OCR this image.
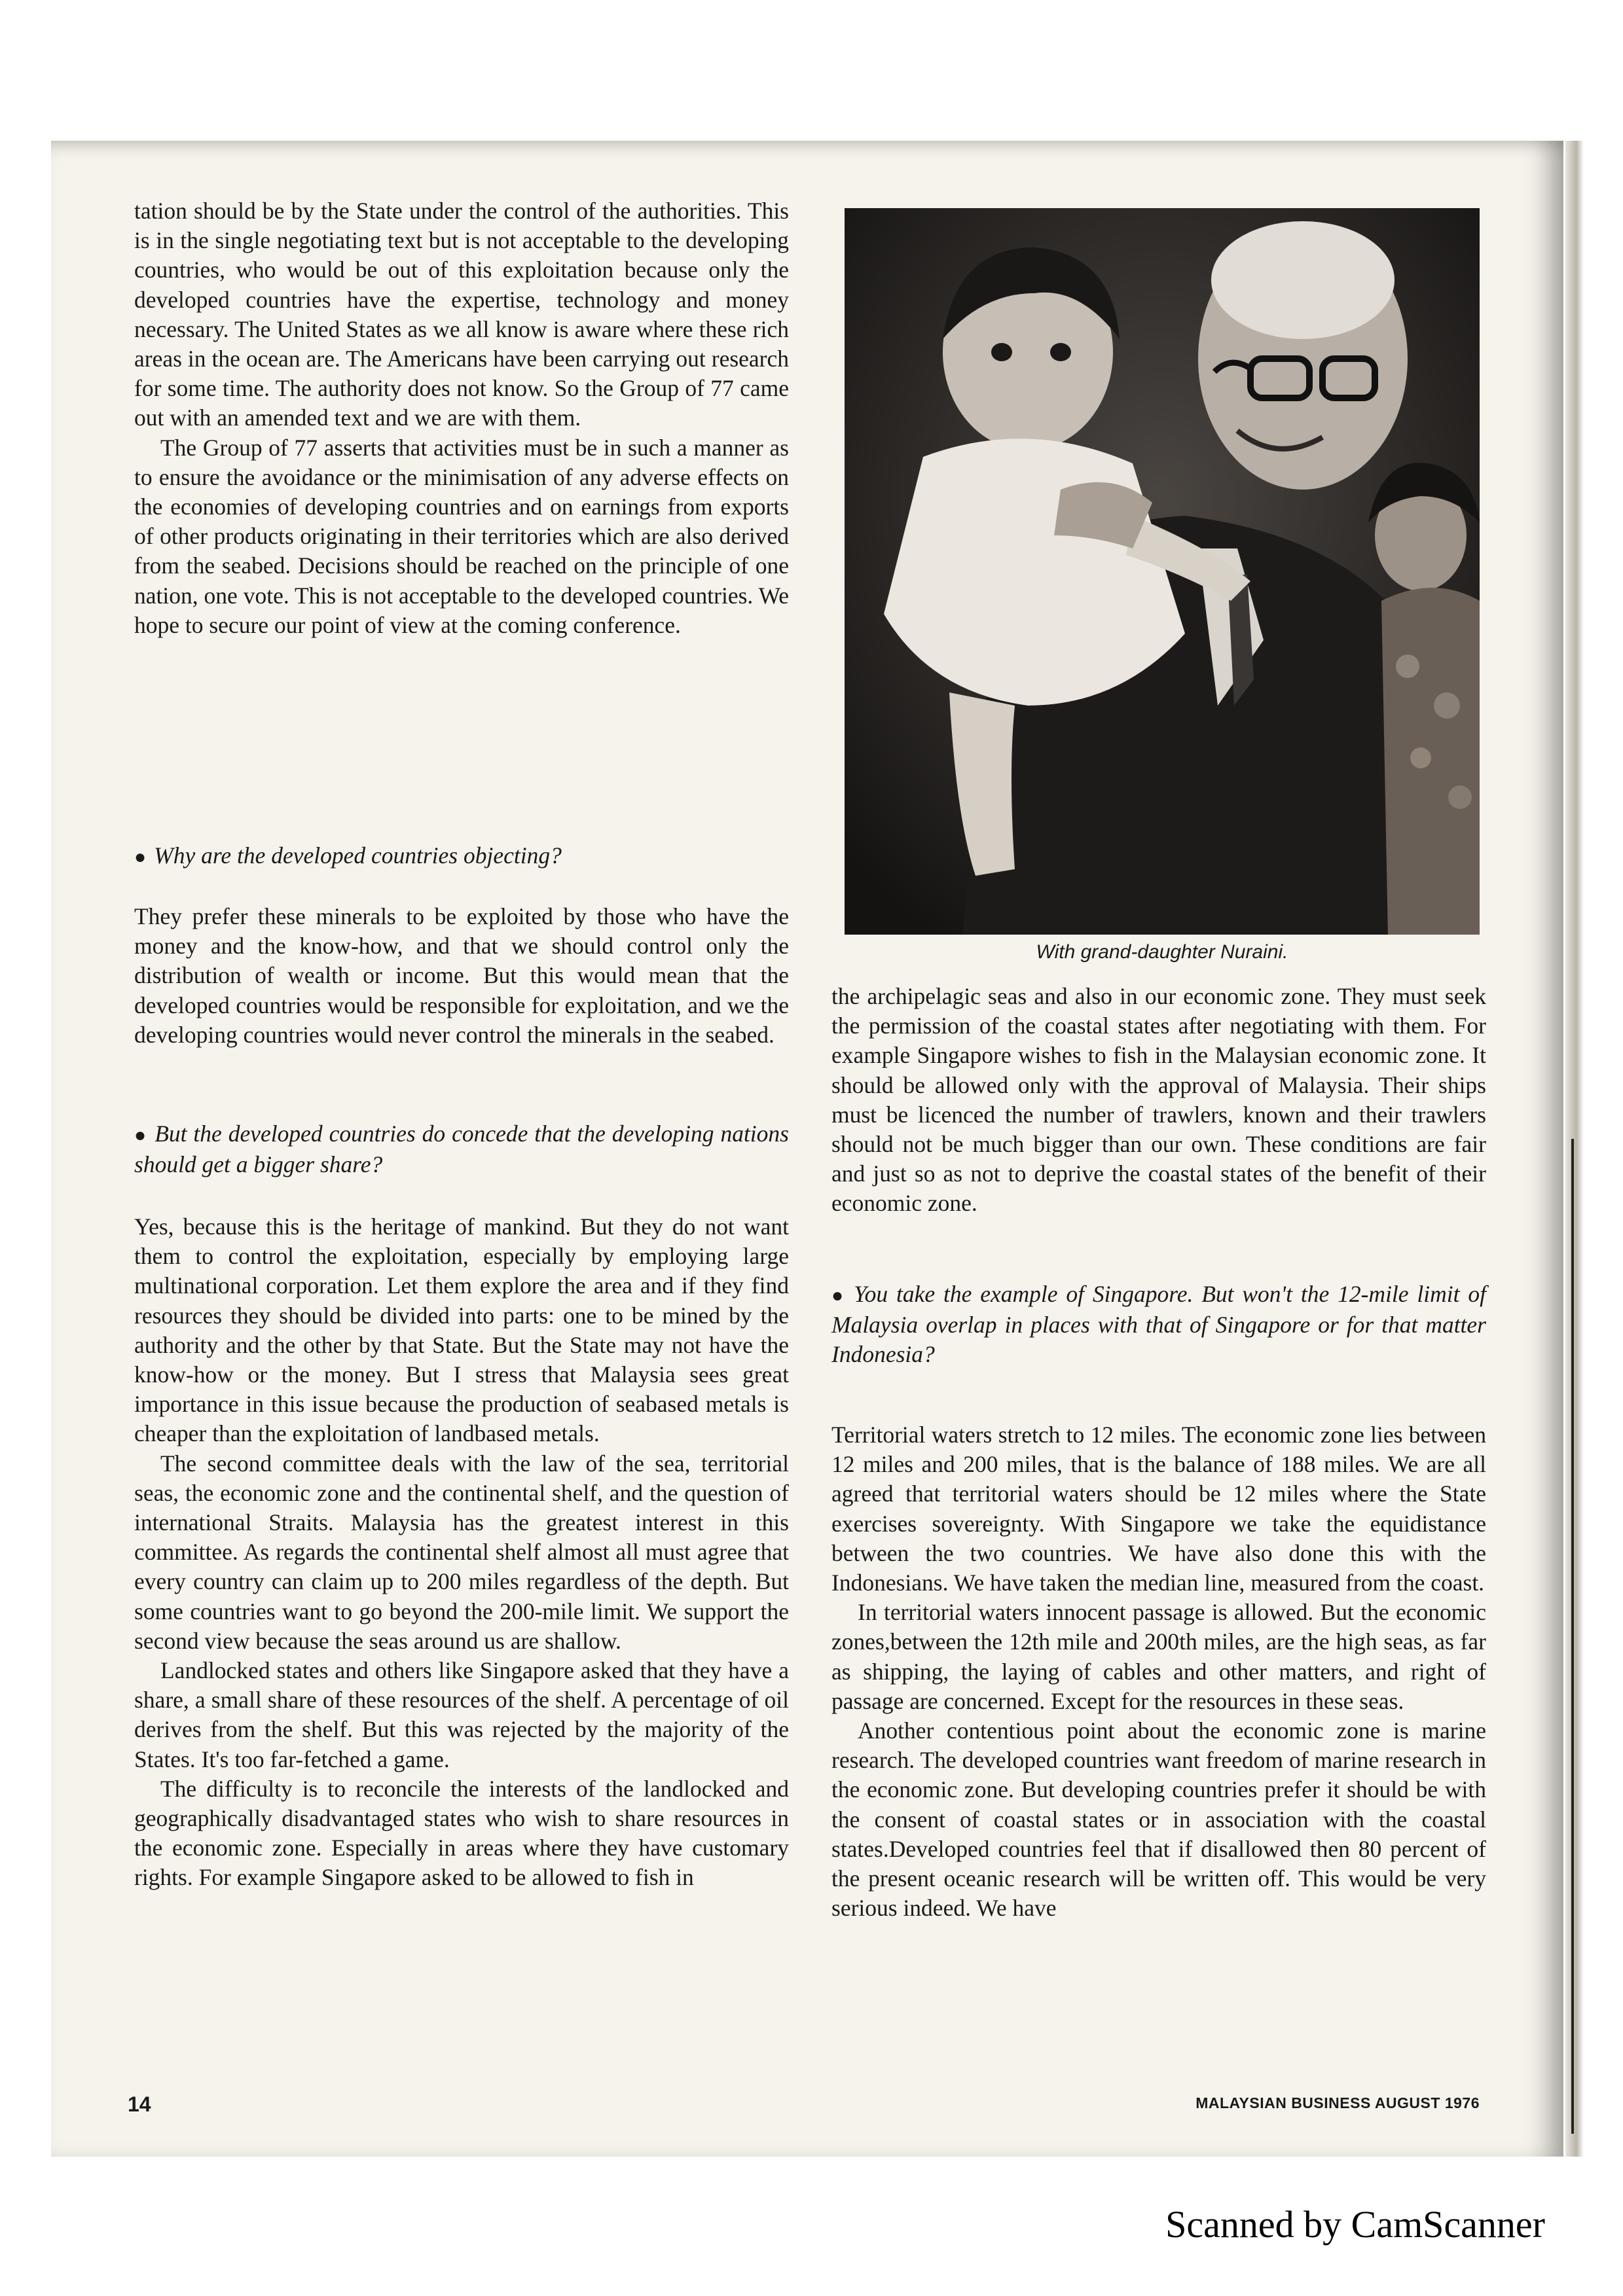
tation should be by the State under the control of the authorities. This is in the single negotiating text but is not acceptable to the developing countries, who would be out of this exploitation because only the developed countries have the expertise, technology and money necessary. The United States as we all know is aware where these rich areas in the ocean are. The Americans have been carrying out research for some time. The authority does not know. So the Group of 77 came out with an amended text and we are with them.

The Group of 77 asserts that activities must be in such a manner as to ensure the avoidance or the minimisation of any adverse effects on the economies of developing countries and on earnings from exports of other products originating in their territories which are also derived from the seabed. Decisions should be reached on the principle of one nation, one vote. This is not acceptable to the developed countries. We hope to secure our point of view at the coming conference.

● Why are the developed countries objecting?

They prefer these minerals to be exploited by those who have the money and the know-how, and that we should control only the distribution of wealth or income. But this would mean that the developed countries would be responsible for exploitation, and we the developing countries would never control the minerals in the seabed.

● But the developed countries do concede that the developing nations should get a bigger share?

Yes, because this is the heritage of mankind. But they do not want them to control the exploitation, especially by employing large multinational corporation. Let them explore the area and if they find resources they should be divided into parts: one to be mined by the authority and the other by that State. But the State may not have the know-how or the money. But I stress that Malaysia sees great importance in this issue because the production of seabased metals is cheaper than the exploitation of landbased metals.

The second committee deals with the law of the sea, territorial seas, the economic zone and the continental shelf, and the question of international Straits. Malaysia has the greatest interest in this committee. As regards the continental shelf almost all must agree that every country can claim up to 200 miles regardless of the depth. But some countries want to go beyond the 200-mile limit. We support the second view because the seas around us are shallow.

Landlocked states and others like Singapore asked that they have a share, a small share of these resources of the shelf. A percentage of oil derives from the shelf. But this was rejected by the majority of the States. It's too far-fetched a game.

The difficulty is to reconcile the interests of the landlocked and geographically disadvantaged states who wish to share resources in the economic zone. Especially in areas where they have customary rights. For example Singapore asked to be allowed to fish in

With grand-daughter Nuraini.

the archipelagic seas and also in our economic zone. They must seek the permission of the coastal states after negotiating with them. For example Singapore wishes to fish in the Malaysian economic zone. It should be allowed only with the approval of Malaysia. Their ships must be licenced the number of trawlers, known and their trawlers should not be much bigger than our own. These conditions are fair and just so as not to deprive the coastal states of the benefit of their economic zone.

● You take the example of Singapore. But won't the 12-mile limit of Malaysia overlap in places with that of Singapore or for that matter Indonesia?

Territorial waters stretch to 12 miles. The economic zone lies between 12 miles and 200 miles, that is the balance of 188 miles. We are all agreed that territorial waters should be 12 miles where the State exercises sovereignty. With Singapore we take the equidistance between the two countries. We have also done this with the Indonesians. We have taken the median line, measured from the coast.

In territorial waters innocent passage is allowed. But the economic zones,between the 12th mile and 200th miles, are the high seas, as far as shipping, the laying of cables and other matters, and right of passage are concerned. Except for the resources in these seas.

Another contentious point about the economic zone is marine research. The developed countries want freedom of marine research in the economic zone. But developing countries prefer it should be with the consent of coastal states or in association with the coastal states.Developed countries feel that if disallowed then 80 percent of the present oceanic research will be written off. This would be very serious indeed. We have

14	MALAYSIAN BUSINESS AUGUST 1976
Scanned by CamScanner
